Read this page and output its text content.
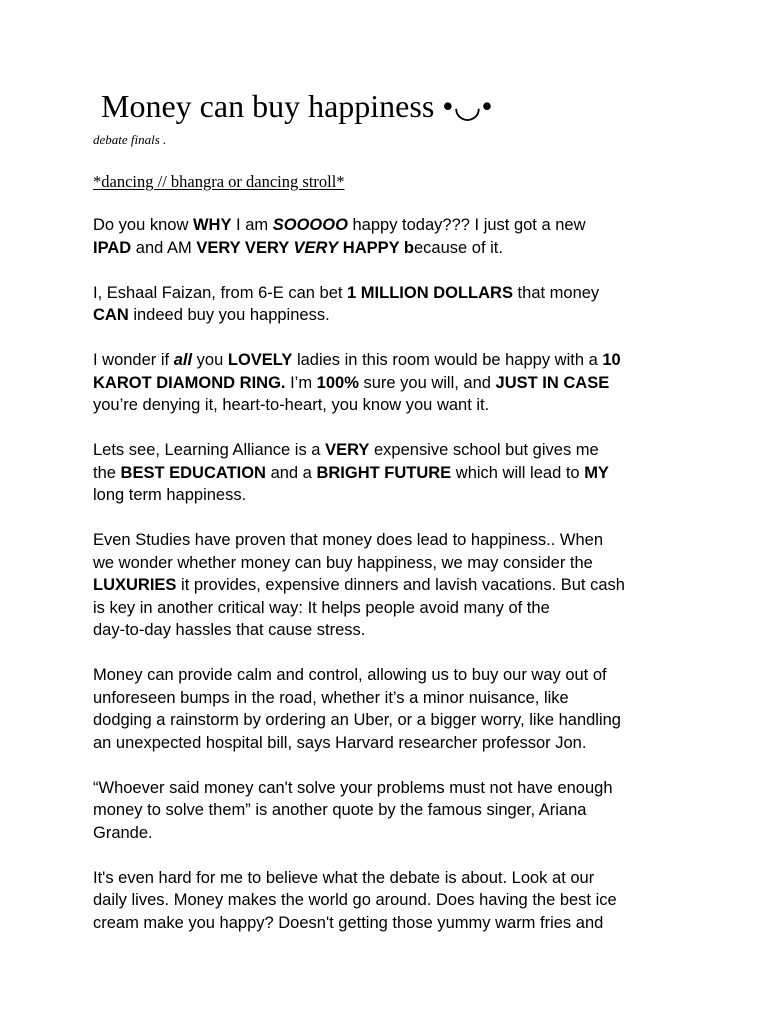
Money can buy happiness •◡•

debate finals .

*dancing // bhangra or dancing stroll*

Do you know WHY I am SOOOOO happy today??? I just got a new
IPAD and AM VERY VERY VERY HAPPY because of it.

I, Eshaal Faizan, from 6-E can bet 1 MILLION DOLLARS that money
CAN indeed buy you happiness.

I wonder if all you LOVELY ladies in this room would be happy with a 10
KAROT DIAMOND RING. I’m 100% sure you will, and JUST IN CASE
you’re denying it, heart-to-heart, you know you want it.

Lets see, Learning Alliance is a VERY expensive school but gives me
the BEST EDUCATION and a BRIGHT FUTURE which will lead to MY
long term happiness.

Even Studies have proven that money does lead to happiness.. When
we wonder whether money can buy happiness, we may consider the
LUXURIES it provides, expensive dinners and lavish vacations. But cash
is key in another critical way: It helps people avoid many of the
day-to-day hassles that cause stress.

Money can provide calm and control, allowing us to buy our way out of
unforeseen bumps in the road, whether it’s a minor nuisance, like
dodging a rainstorm by ordering an Uber, or a bigger worry, like handling
an unexpected hospital bill, says Harvard researcher professor Jon.

“Whoever said money can't solve your problems must not have enough
money to solve them” is another quote by the famous singer, Ariana
Grande.

It's even hard for me to believe what the debate is about. Look at our
daily lives. Money makes the world go around. Does having the best ice
cream make you happy? Doesn't getting those yummy warm fries and
